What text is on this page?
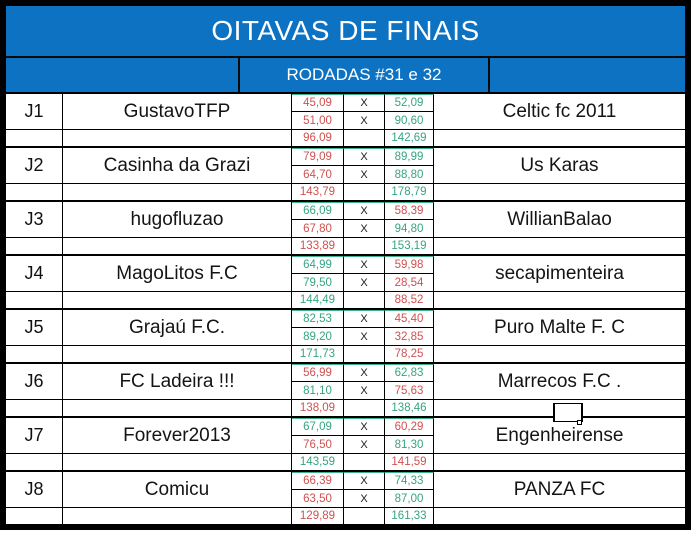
OITAVAS DE FINAIS
RODADAS #31 e 32
J1	GustavoTFP	45,09	X	52,09	Celtic fc 2011
51,00	X	90,60
96,09	142,69
J2	Casinha da Grazi	79,09	X	89,99	Us Karas
64,70	X	88,80
143,79	178,79
J3	hugofluzao	66,09	X	58,39	WillianBalao
67,80	X	94,80
133,89	153,19
J4	MagoLitos F.C	64,99	X	59,98	secapimenteira
79,50	X	28,54
144,49	88,52
J5	Grajaú F.C.	82,53	X	45,40	Puro Malte F. C
89,20	X	32,85
171,73	78,25
J6	FC Ladeira !!!	56,99	X	62,83	Marrecos F.C .
81,10	X	75,63
138,09	138,46
J7	Forever2013	67,09	X	60,29	Engenheirense
76,50	X	81,30
143,59	141,59
J8	Comicu	66,39	X	74,33	PANZA FC
63,50	X	87,00
129,89	161,33
